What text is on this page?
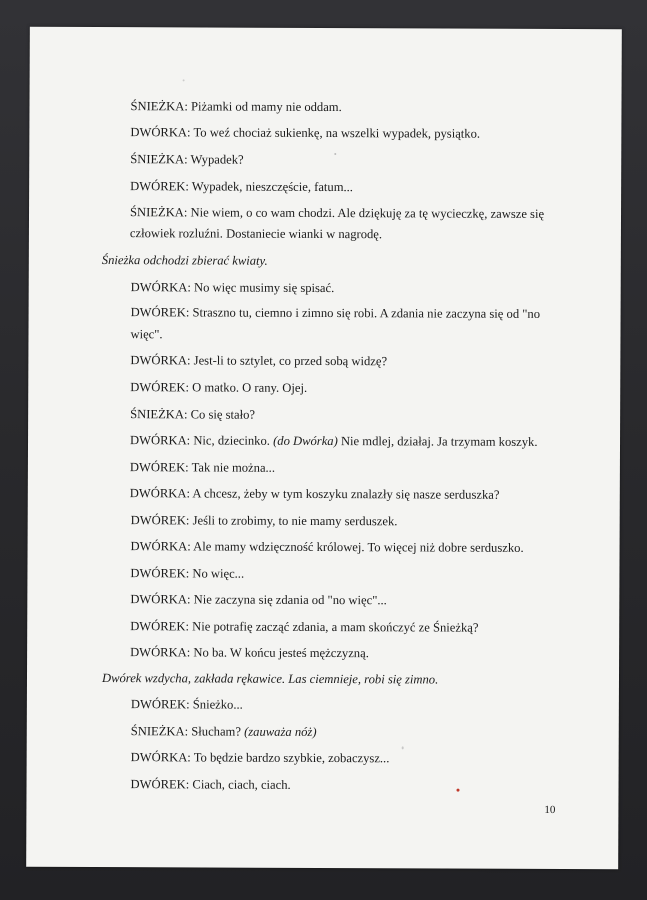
ŚNIEŻKA: Piżamki od mamy nie oddam.
DWÓRKA: To weź chociaż sukienkę, na wszelki wypadek, pysiątko.
ŚNIEŻKA: Wypadek?
DWÓREK: Wypadek, nieszczęście, fatum...
ŚNIEŻKA: Nie wiem, o co wam chodzi. Ale dziękuję za tę wycieczkę, zawsze się
człowiek rozluźni. Dostaniecie wianki w nagrodę.
Śnieżka odchodzi zbierać kwiaty.
DWÓRKA: No więc musimy się spisać.
DWÓREK: Straszno tu, ciemno i zimno się robi. A zdania nie zaczyna się od "no
więc".
DWÓRKA: Jest-li to sztylet, co przed sobą widzę?
DWÓREK: O matko. O rany. Ojej.
ŚNIEŻKA: Co się stało?
DWÓRKA: Nic, dziecinko. (do Dwórka) Nie mdlej, działaj. Ja trzymam koszyk.
DWÓREK: Tak nie można...
DWÓRKA: A chcesz, żeby w tym koszyku znalazły się nasze serduszka?
DWÓREK: Jeśli to zrobimy, to nie mamy serduszek.
DWÓRKA: Ale mamy wdzięczność królowej. To więcej niż dobre serduszko.
DWÓREK: No więc...
DWÓRKA: Nie zaczyna się zdania od "no więc"...
DWÓREK: Nie potrafię zacząć zdania, a mam skończyć ze Śnieżką?
DWÓRKA: No ba. W końcu jesteś mężczyzną.
Dwórek wzdycha, zakłada rękawice. Las ciemnieje, robi się zimno.
DWÓREK: Śnieżko...
ŚNIEŻKA: Słucham? (zauważa nóż)
DWÓRKA: To będzie bardzo szybkie, zobaczysz...
DWÓREK: Ciach, ciach, ciach.
10
